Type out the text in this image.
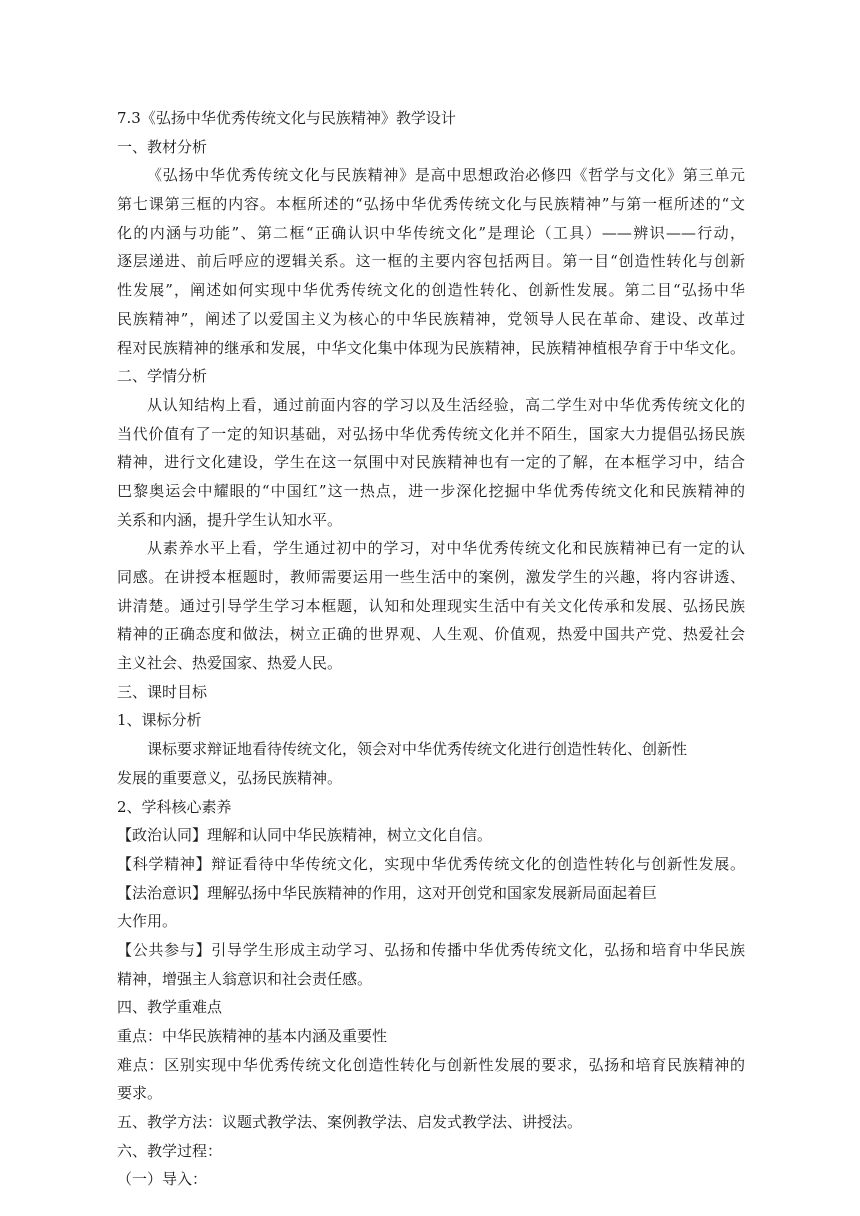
7.3《弘扬中华优秀传统文化与民族精神》教学设计
一、教材分析
《弘扬中华优秀传统文化与民族精神》是高中思想政治必修四《哲学与文化》第三单元
第七课第三框的内容。本框所述的“弘扬中华优秀传统文化与民族精神”与第一框所述的“文
化的内涵与功能”、第二框“正确认识中华传统文化”是理论（工具）——辨识——行动，
逐层递进、前后呼应的逻辑关系。这一框的主要内容包括两目。第一目“创造性转化与创新
性发展”，阐述如何实现中华优秀传统文化的创造性转化、创新性发展。第二目“弘扬中华
民族精神”，阐述了以爱国主义为核心的中华民族精神，党领导人民在革命、建设、改革过
程对民族精神的继承和发展，中华文化集中体现为民族精神，民族精神植根孕育于中华文化。
二、学情分析
从认知结构上看，通过前面内容的学习以及生活经验，高二学生对中华优秀传统文化的
当代价值有了一定的知识基础，对弘扬中华优秀传统文化并不陌生，国家大力提倡弘扬民族
精神，进行文化建设，学生在这一氛围中对民族精神也有一定的了解，在本框学习中，结合
巴黎奥运会中耀眼的“中国红”这一热点，进一步深化挖掘中华优秀传统文化和民族精神的
关系和内涵，提升学生认知水平。
从素养水平上看，学生通过初中的学习，对中华优秀传统文化和民族精神已有一定的认
同感。在讲授本框题时，教师需要运用一些生活中的案例，激发学生的兴趣，将内容讲透、
讲清楚。通过引导学生学习本框题，认知和处理现实生活中有关文化传承和发展、弘扬民族
精神的正确态度和做法，树立正确的世界观、人生观、价值观，热爱中国共产党、热爱社会
主义社会、热爱国家、热爱人民。
三、课时目标
1、课标分析
课标要求辩证地看待传统文化，领会对中华优秀传统文化进行创造性转化、创新性
发展的重要意义，弘扬民族精神。
2、学科核心素养
【政治认同】理解和认同中华民族精神，树立文化自信。
【科学精神】辩证看待中华传统文化，实现中华优秀传统文化的创造性转化与创新性发展。
【法治意识】理解弘扬中华民族精神的作用，这对开创党和国家发展新局面起着巨
大作用。
【公共参与】引导学生形成主动学习、弘扬和传播中华优秀传统文化，弘扬和培育中华民族
精神，增强主人翁意识和社会责任感。
四、教学重难点
重点：中华民族精神的基本内涵及重要性
难点：区别实现中华优秀传统文化创造性转化与创新性发展的要求，弘扬和培育民族精神的
要求。
五、教学方法：议题式教学法、案例教学法、启发式教学法、讲授法。
六、教学过程：
（一）导入：
